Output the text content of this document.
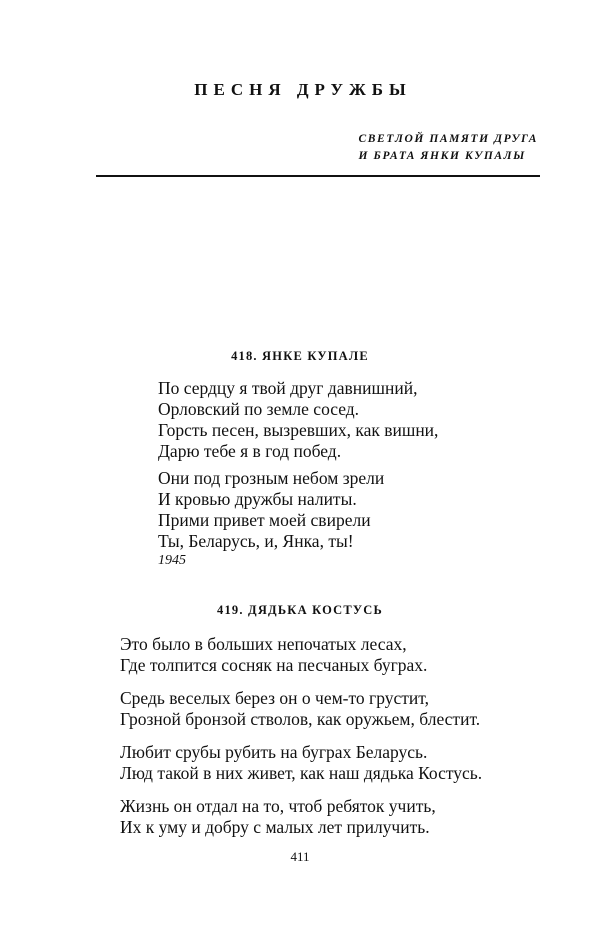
ПЕСНЯ ДРУЖБЫ
СВЕТЛОЙ ПАМЯТИ ДРУГА
И БРАТА ЯНКИ КУПАЛЫ
418. ЯНКЕ КУПАЛЕ
По сердцу я твой друг давнишний,
Орловский по земле сосед.
Горсть песен, вызревших, как вишни,
Дарю тебе я в год побед.
Они под грозным небом зрели
И кровью дружбы налиты.
Прими привет моей свирели
Ты, Беларусь, и, Янка, ты!
1945
419. ДЯДЬКА КОСТУСЬ
Это было в больших непочатых лесах,
Где толпится сосняк на песчаных буграх.
Средь веселых берез он о чем-то грустит,
Грозной бронзой стволов, как оружьем, блестит.
Любит срубы рубить на буграх Беларусь.
Люд такой в них живет, как наш дядька Костусь.
Жизнь он отдал на то, чтоб ребяток учить,
Их к уму и добру с малых лет прилучить.
411
